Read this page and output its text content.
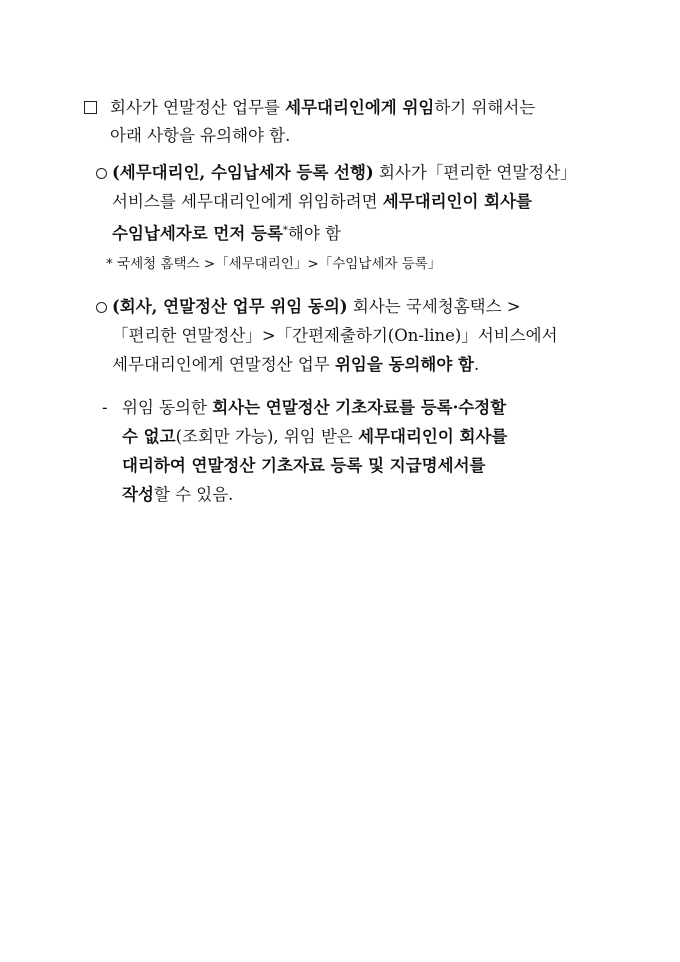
회사가 연말정산 업무를 세무대리인에게 위임하기 위해서는
아래 사항을 유의해야 함.
(세무대리인, 수임납세자 등록 선행) 회사가「편리한 연말정산」
서비스를 세무대리인에게 위임하려면 세무대리인이 회사를
수임납세자로 먼저 등록*해야 함
* 국세청 홈택스 >「세무대리인」>「수임납세자 등록」
(회사, 연말정산 업무 위임 동의) 회사는 국세청홈택스 >
「편리한 연말정산」>「간편제출하기(On-line)」서비스에서
세무대리인에게 연말정산 업무 위임을 동의해야 함.
- 위임 동의한 회사는 연말정산 기초자료를 등록·수정할
수 없고(조회만 가능), 위임 받은 세무대리인이 회사를
대리하여 연말정산 기초자료 등록 및 지급명세서를
작성할 수 있음.
